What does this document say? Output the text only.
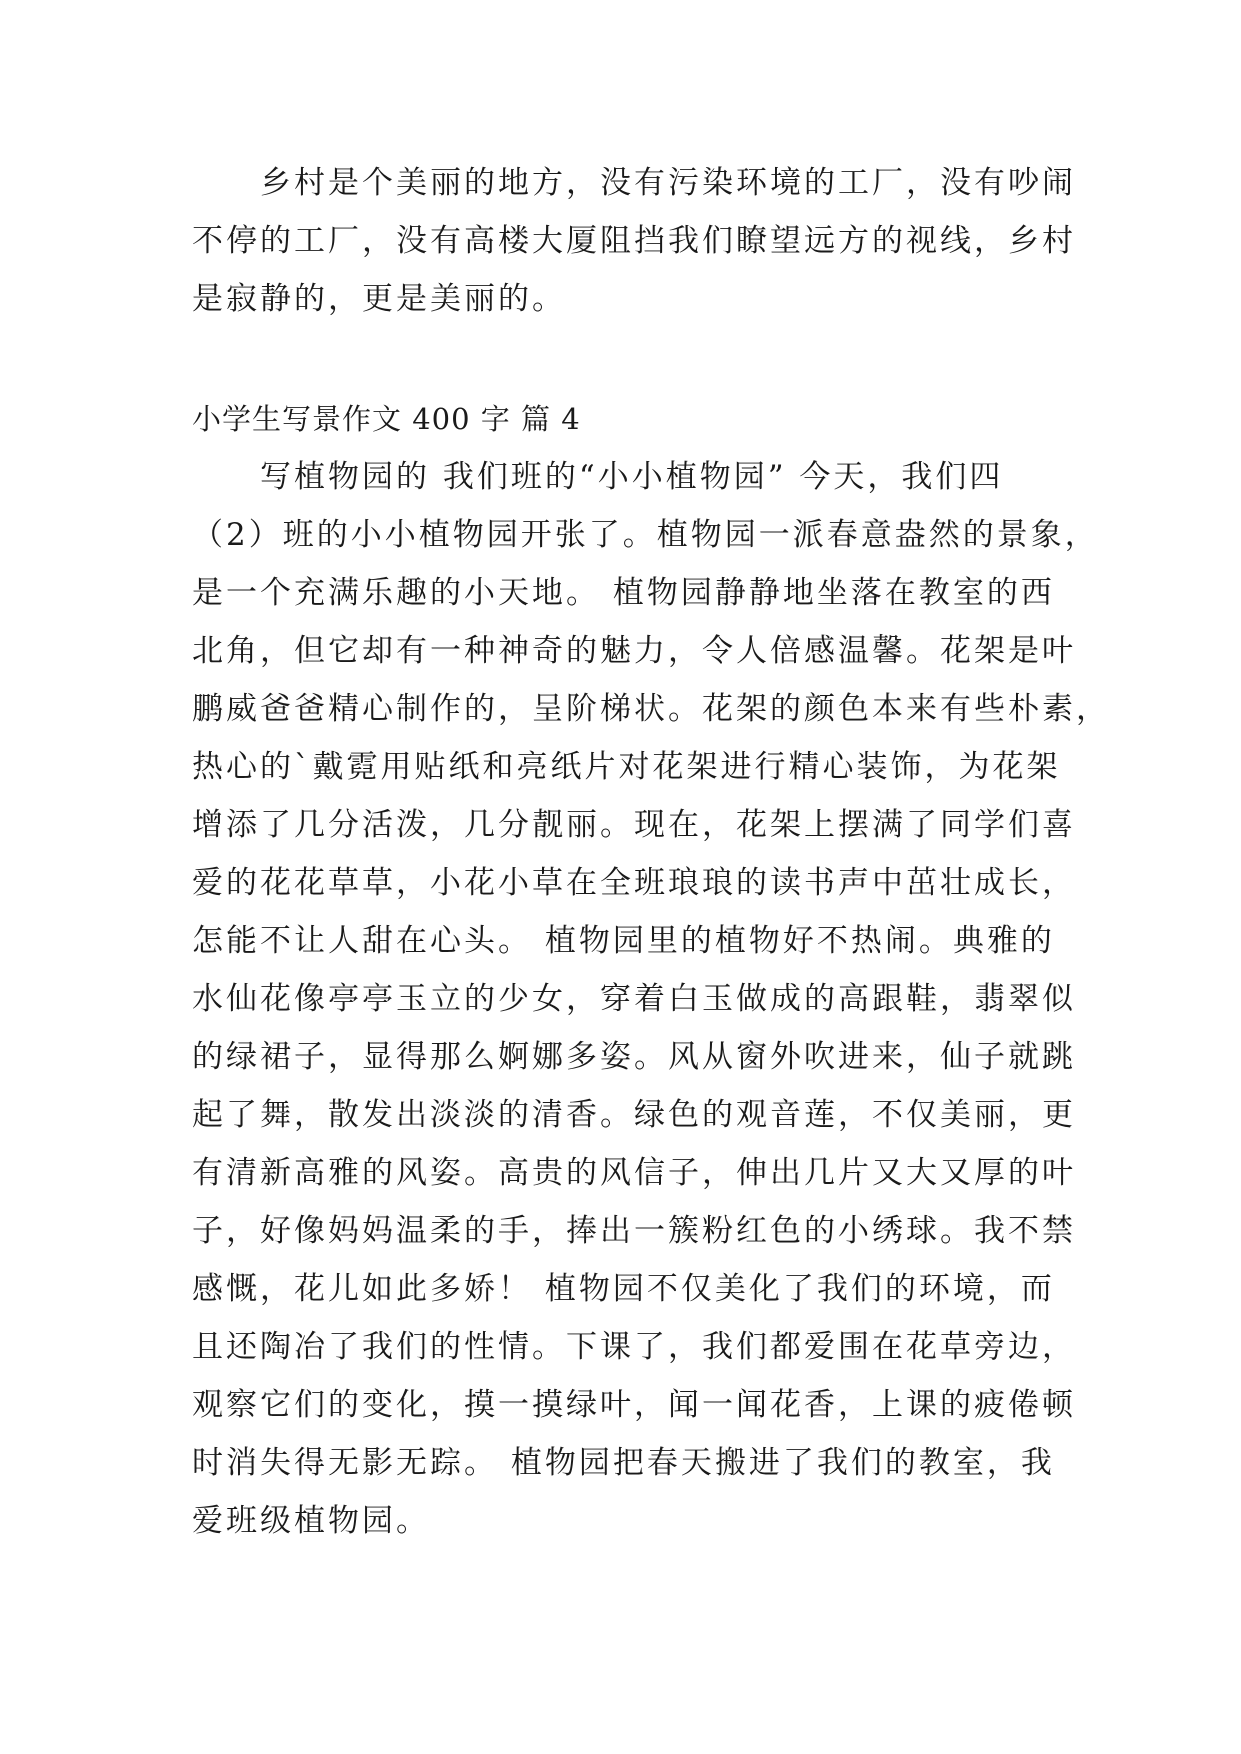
　　乡村是个美丽的地方，没有污染环境的工厂，没有吵闹
不停的工厂，没有高楼大厦阻挡我们瞭望远方的视线，乡村
是寂静的，更是美丽的。
小学生写景作文 400 字 篇 4
　　写植物园的 我们班的“小小植物园” 今天，我们四
（2）班的小小植物园开张了。植物园一派春意盎然的景象，
是一个充满乐趣的小天地。 植物园静静地坐落在教室的西
北角，但它却有一种神奇的魅力，令人倍感温馨。花架是叶
鹏威爸爸精心制作的，呈阶梯状。花架的颜色本来有些朴素，
热心的`戴霓用贴纸和亮纸片对花架进行精心装饰，为花架
增添了几分活泼，几分靓丽。现在，花架上摆满了同学们喜
爱的花花草草，小花小草在全班琅琅的读书声中茁壮成长，
怎能不让人甜在心头。 植物园里的植物好不热闹。典雅的
水仙花像亭亭玉立的少女，穿着白玉做成的高跟鞋，翡翠似
的绿裙子，显得那么婀娜多姿。风从窗外吹进来，仙子就跳
起了舞，散发出淡淡的清香。绿色的观音莲，不仅美丽，更
有清新高雅的风姿。高贵的风信子，伸出几片又大又厚的叶
子，好像妈妈温柔的手，捧出一簇粉红色的小绣球。我不禁
感慨，花儿如此多娇！ 植物园不仅美化了我们的环境，而
且还陶冶了我们的性情。下课了，我们都爱围在花草旁边，
观察它们的变化，摸一摸绿叶，闻一闻花香，上课的疲倦顿
时消失得无影无踪。 植物园把春天搬进了我们的教室，我
爱班级植物园。
